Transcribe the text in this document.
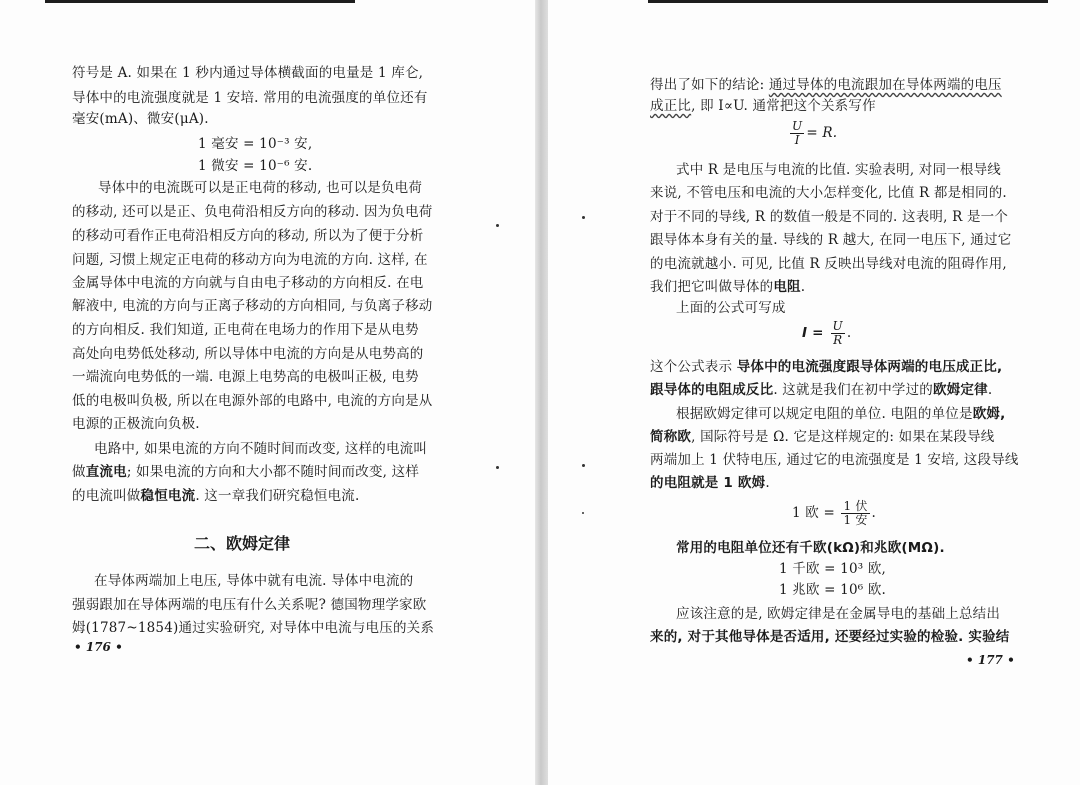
符号是 A. 如果在 1 秒内通过导体横截面的电量是 1 库仑,
导体中的电流强度就是 1 安培. 常用的电流强度的单位还有
毫安(mA)、微安(μA).
1 毫安 = 10⁻³ 安,
1 微安 = 10⁻⁶ 安.
导体中的电流既可以是正电荷的移动, 也可以是负电荷
的移动, 还可以是正、负电荷沿相反方向的移动. 因为负电荷
的移动可看作正电荷沿相反方向的移动, 所以为了便于分析
问题, 习惯上规定正电荷的移动方向为电流的方向. 这样, 在
金属导体中电流的方向就与自由电子移动的方向相反. 在电
解液中, 电流的方向与正离子移动的方向相同, 与负离子移动
的方向相反. 我们知道, 正电荷在电场力的作用下是从电势
高处向电势低处移动, 所以导体中电流的方向是从电势高的
一端流向电势低的一端. 电源上电势高的电极叫正极, 电势
低的电极叫负极, 所以在电源外部的电路中, 电流的方向是从
电源的正极流向负极.
电路中, 如果电流的方向不随时间而改变, 这样的电流叫
做直流电; 如果电流的方向和大小都不随时间而改变, 这样
的电流叫做稳恒电流. 这一章我们研究稳恒电流.
二、欧姆定律
在导体两端加上电压, 导体中就有电流. 导体中电流的
强弱跟加在导体两端的电压有什么关系呢? 德国物理学家欧
姆(1787~1854)通过实验研究, 对导体中电流与电压的关系
• 176 •
得出了如下的结论: 通过导体的电流跟加在导体两端的电压
成正比, 即 I∝U. 通常把这个关系写作
$\frac{U}{I} = R$.
式中 R 是电压与电流的比值. 实验表明, 对同一根导线
来说, 不管电压和电流的大小怎样变化, 比值 R 都是相同的.
对于不同的导线, R 的数值一般是不同的. 这表明, R 是一个
跟导体本身有关的量. 导线的 R 越大, 在同一电压下, 通过它
的电流就越小. 可见, 比值 R 反映出导线对电流的阻碍作用,
我们把它叫做导体的电阻.
上面的公式可写成
$I = \frac{U}{R}$ .
这个公式表示 导体中的电流强度跟导体两端的电压成正比,
跟导体的电阻成反比. 这就是我们在初中学过的欧姆定律.
根据欧姆定律可以规定电阻的单位. 电阻的单位是欧姆,
简称欧, 国际符号是 Ω. 它是这样规定的: 如果在某段导线
两端加上 1 伏特电压, 通过它的电流强度是 1 安培, 这段导线
的电阻就是 1 欧姆.
1 欧 = $\frac{\text{1 伏}}{\text{1 安}}$ .
常用的电阻单位还有千欧(kΩ)和兆欧(MΩ).
1 千欧 = 10³ 欧,
1 兆欧 = 10⁶ 欧.
应该注意的是, 欧姆定律是在金属导电的基础上总结出
来的, 对于其他导体是否适用, 还要经过实验的检验. 实验结
• 177 •
